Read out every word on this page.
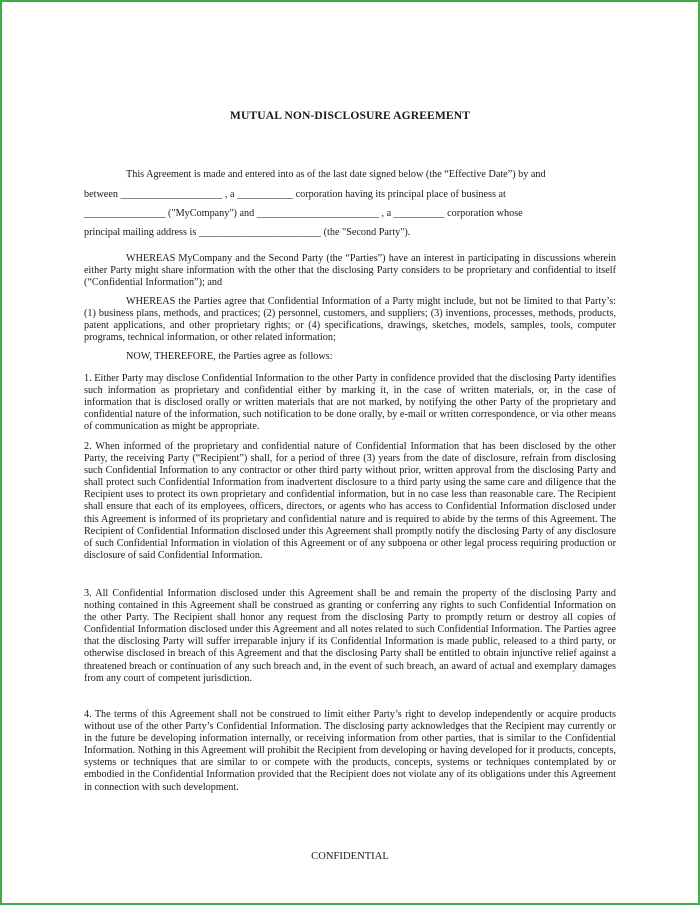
MUTUAL NON-DISCLOSURE AGREEMENT
This Agreement is made and entered into as of the last date signed below (the “Effective Date”) by and
between ____________________ , a ___________ corporation having its principal place of business at
________________ ("MyCompany") and ________________________ , a __________ corporation whose
principal mailing address is ________________________ (the "Second Party").
WHEREAS MyCompany and the Second Party (the “Parties”) have an interest in participating in discussions wherein either Party might share information with the other that the disclosing Party considers to be proprietary and confidential to itself (“Confidential Information”); and
WHEREAS the Parties agree that Confidential Information of a Party might include, but not be limited to that Party’s: (1) business plans, methods, and practices; (2) personnel, customers, and suppliers; (3) inventions, processes, methods, products, patent applications, and other proprietary rights; or (4) specifications, drawings, sketches, models, samples, tools, computer programs, technical information, or other related information;
NOW, THEREFORE, the Parties agree as follows:
1. Either Party may disclose Confidential Information to the other Party in confidence provided that the disclosing Party identifies such information as proprietary and confidential either by marking it, in the case of written materials, or, in the case of information that is disclosed orally or written materials that are not marked, by notifying the other Party of the proprietary and confidential nature of the information, such notification to be done orally, by e-mail or written correspondence, or via other means of communication as might be appropriate.
2. When informed of the proprietary and confidential nature of Confidential Information that has been disclosed by the other Party, the receiving Party (“Recipient”) shall, for a period of three (3) years from the date of disclosure, refrain from disclosing such Confidential Information to any contractor or other third party without prior, written approval from the disclosing Party and shall protect such Confidential Information from inadvertent disclosure to a third party using the same care and diligence that the Recipient uses to protect its own proprietary and confidential information, but in no case less than reasonable care. The Recipient shall ensure that each of its employees, officers, directors, or agents who has access to Confidential Information disclosed under this Agreement is informed of its proprietary and confidential nature and is required to abide by the terms of this Agreement. The Recipient of Confidential Information disclosed under this Agreement shall promptly notify the disclosing Party of any disclosure of such Confidential Information in violation of this Agreement or of any subpoena or other legal process requiring production or disclosure of said Confidential Information.
3. All Confidential Information disclosed under this Agreement shall be and remain the property of the disclosing Party and nothing contained in this Agreement shall be construed as granting or conferring any rights to such Confidential Information on the other Party. The Recipient shall honor any request from the disclosing Party to promptly return or destroy all copies of Confidential Information disclosed under this Agreement and all notes related to such Confidential Information. The Parties agree that the disclosing Party will suffer irreparable injury if its Confidential Information is made public, released to a third party, or otherwise disclosed in breach of this Agreement and that the disclosing Party shall be entitled to obtain injunctive relief against a threatened breach or continuation of any such breach and, in the event of such breach, an award of actual and exemplary damages from any court of competent jurisdiction.
4. The terms of this Agreement shall not be construed to limit either Party’s right to develop independently or acquire products without use of the other Party’s Confidential Information. The disclosing party acknowledges that the Recipient may currently or in the future be developing information internally, or receiving information from other parties, that is similar to the Confidential Information. Nothing in this Agreement will prohibit the Recipient from developing or having developed for it products, concepts, systems or techniques that are similar to or compete with the products, concepts, systems or techniques contemplated by or embodied in the Confidential Information provided that the Recipient does not violate any of its obligations under this Agreement in connection with such development.
CONFIDENTIAL
